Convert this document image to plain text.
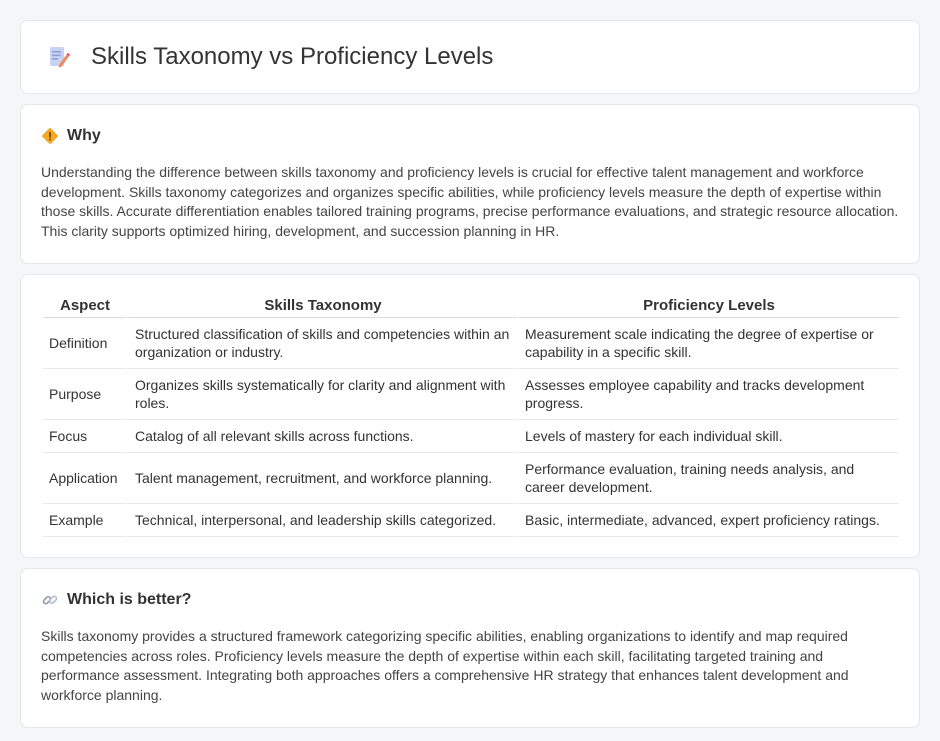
Skills Taxonomy vs Proficiency Levels
Why

Understanding the difference between skills taxonomy and proficiency levels is crucial for effective talent management and workforce development. Skills taxonomy categorizes and organizes specific abilities, while proficiency levels measure the depth of expertise within those skills. Accurate differentiation enables tailored training programs, precise performance evaluations, and strategic resource allocation. This clarity supports optimized hiring, development, and succession planning in HR.

Aspect	Skills Taxonomy	Proficiency Levels
Definition	Structured classification of skills and competencies within an organization or industry.	Measurement scale indicating the degree of expertise or capability in a specific skill.
Purpose	Organizes skills systematically for clarity and alignment with roles.	Assesses employee capability and tracks development progress.
Focus	Catalog of all relevant skills across functions.	Levels of mastery for each individual skill.
Application	Talent management, recruitment, and workforce planning.	Performance evaluation, training needs analysis, and career development.
Example	Technical, interpersonal, and leadership skills categorized.	Basic, intermediate, advanced, expert proficiency ratings.
Which is better?

Skills taxonomy provides a structured framework categorizing specific abilities, enabling organizations to identify and map required competencies across roles. Proficiency levels measure the depth of expertise within each skill, facilitating targeted training and performance assessment. Integrating both approaches offers a comprehensive HR strategy that enhances talent development and workforce planning.
